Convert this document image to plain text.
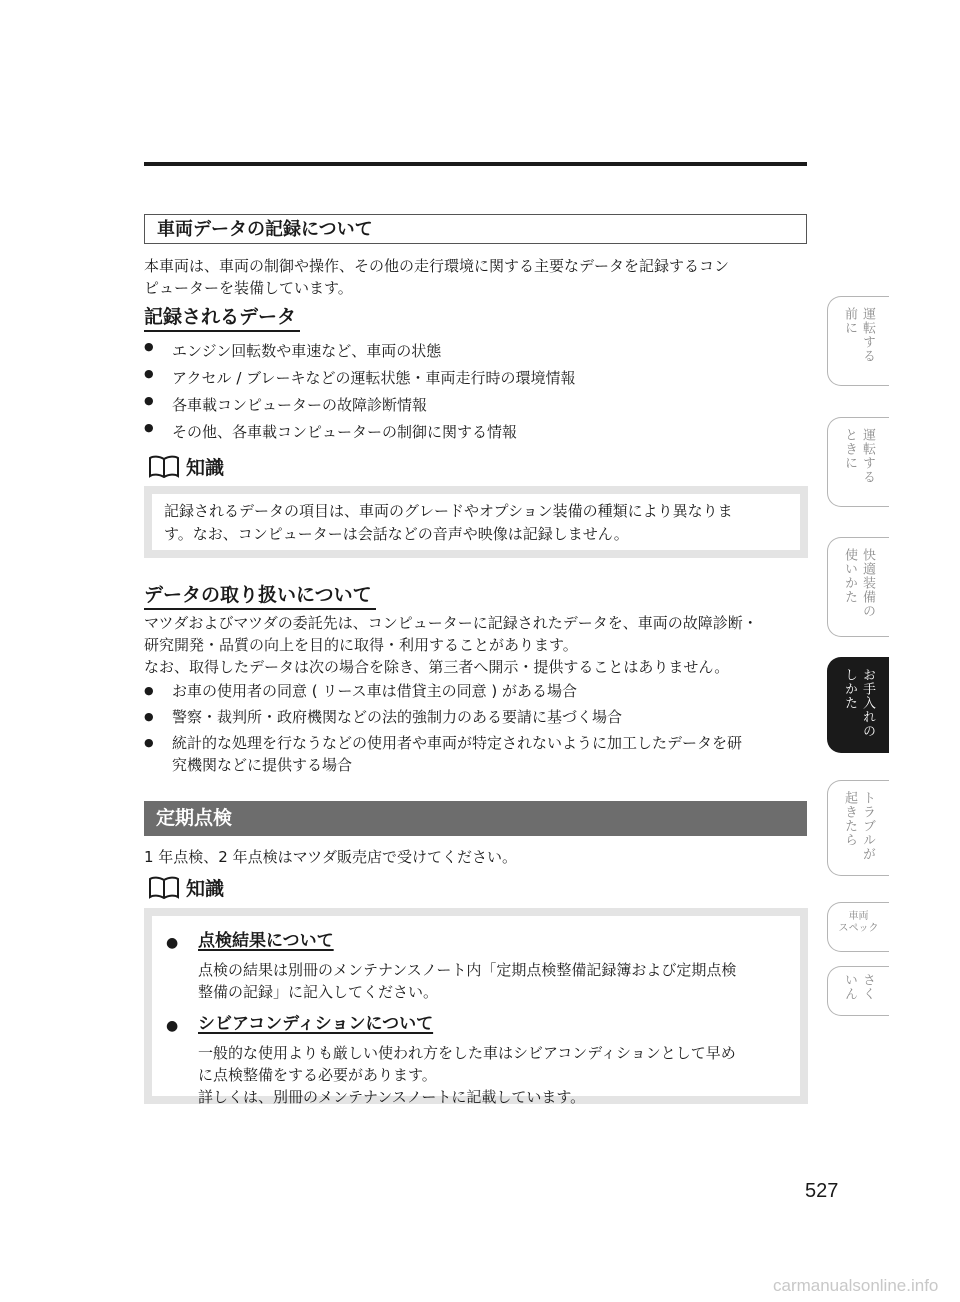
車両データの記録について
本車両は、車両の制御や操作、その他の走行環境に関する主要なデータを記録するコン
ピューターを装備しています。
記録されるデータ
● エンジン回転数や車速など、車両の状態
● アクセル / ブレーキなどの運転状態・車両走行時の環境情報
● 各車載コンピューターの故障診断情報
● その他、各車載コンピューターの制御に関する情報
知識
記録されるデータの項目は、車両のグレードやオプション装備の種類により異なりま
す。なお、コンピューターは会話などの音声や映像は記録しません。
データの取り扱いについて
マツダおよびマツダの委託先は、コンピューターに記録されたデータを、車両の故障診断・
研究開発・品質の向上を目的に取得・利用することがあります。
なお、取得したデータは次の場合を除き、第三者へ開示・提供することはありません。
● お車の使用者の同意 ( リース車は借貸主の同意 ) がある場合
● 警察・裁判所・政府機関などの法的強制力のある要請に基づく場合
● 統計的な処理を行なうなどの使用者や車両が特定されないように加工したデータを研
究機関などに提供する場合
定期点検
1 年点検、2 年点検はマツダ販売店で受けてください。
知識
● 点検結果について
点検の結果は別冊のメンテナンスノート内「定期点検整備記録簿および定期点検
整備の記録」に記入してください。
● シビアコンディションについて
一般的な使用よりも厳しい使われ方をした車はシビアコンディションとして早め
に点検整備をする必要があります。
詳しくは、別冊のメンテナンスノートに記載しています。
前に 運転する
ときに 運転する
使いかた 快適装備の
しかた お手入れの
起きたら トラブルが
車両
スペック
いん さく
527
carmanualsonline.info
